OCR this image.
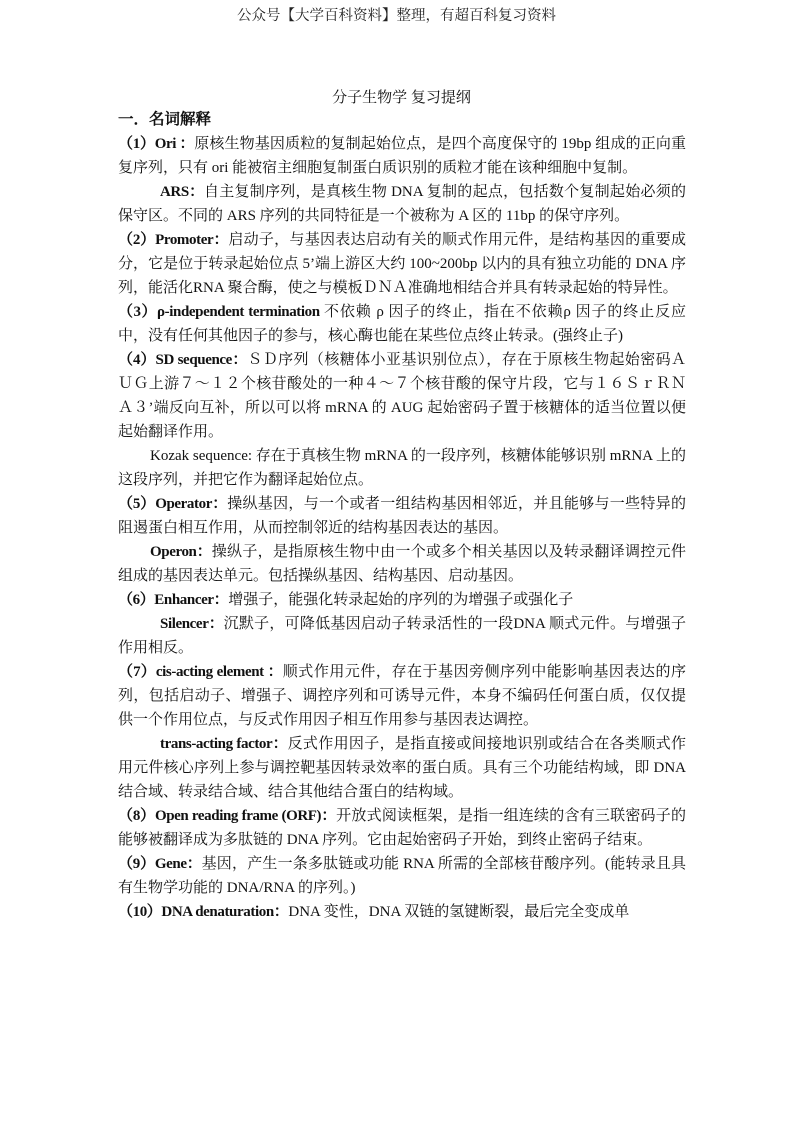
公众号【大学百科资料】整理，有超百科复习资料
分子生物学 复习提纲
一．名词解释

（1）Ori ：原核生物基因质粒的复制起始位点，是四个高度保守的 19bp 组成的正向重复序列，只有 ori 能被宿主细胞复制蛋白质识别的质粒才能在该种细胞中复制。

ARS：自主复制序列，是真核生物 DNA 复制的起点，包括数个复制起始必须的保守区。不同的 ARS 序列的共同特征是一个被称为 A 区的 11bp 的保守序列。

（2）Promoter：启动子，与基因表达启动有关的顺式作用元件，是结构基因的重要成分，它是位于转录起始位点 5’端上游区大约 100~200bp 以内的具有独立功能的 DNA 序列，能活化RNA 聚合酶，使之与模板ＤＮＡ准确地相结合并具有转录起始的特异性。

（3）ρ-independent termination 不依赖 ρ 因子的终止，指在不依赖ρ 因子的终止反应中，没有任何其他因子的参与，核心酶也能在某些位点终止转录。(强终止子)

（4）SD sequence：ＳＤ序列（核糖体小亚基识别位点），存在于原核生物起始密码ＡＵＧ上游７～１２个核苷酸处的一种４～７个核苷酸的保守片段，它与１６ＳｒＲＮＡ３’端反向互补，所以可以将 mRNA 的 AUG 起始密码子置于核糖体的适当位置以便起始翻译作用。

Kozak sequence: 存在于真核生物 mRNA 的一段序列，核糖体能够识别 mRNA 上的这段序列，并把它作为翻译起始位点。

（5）Operator：操纵基因，与一个或者一组结构基因相邻近，并且能够与一些特异的阻遏蛋白相互作用，从而控制邻近的结构基因表达的基因。

Operon：操纵子，是指原核生物中由一个或多个相关基因以及转录翻译调控元件组成的基因表达单元。包括操纵基因、结构基因、启动基因。

（6）Enhancer：增强子，能强化转录起始的序列的为增强子或强化子

Silencer：沉默子，可降低基因启动子转录活性的一段DNA 顺式元件。与增强子作用相反。

（7）cis-acting element ：顺式作用元件，存在于基因旁侧序列中能影响基因表达的序列，包括启动子、增强子、调控序列和可诱导元件，本身不编码任何蛋白质，仅仅提供一个作用位点，与反式作用因子相互作用参与基因表达调控。

trans-acting factor：反式作用因子，是指直接或间接地识别或结合在各类顺式作用元件核心序列上参与调控靶基因转录效率的蛋白质。具有三个功能结构域，即 DNA 结合域、转录结合域、结合其他结合蛋白的结构域。

（8）Open reading frame (ORF)：开放式阅读框架，是指一组连续的含有三联密码子的能够被翻译成为多肽链的 DNA 序列。它由起始密码子开始，到终止密码子结束。

（9）Gene：基因，产生一条多肽链或功能 RNA 所需的全部核苷酸序列。(能转录且具有生物学功能的 DNA/RNA 的序列。)

（10）DNA denaturation：DNA 变性，DNA 双链的氢键断裂，最后完全变成单
